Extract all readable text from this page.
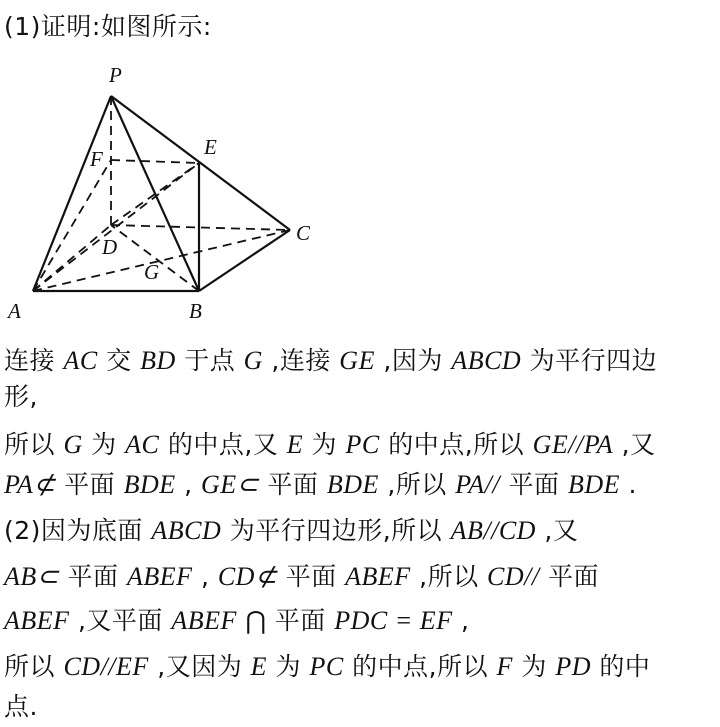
(1)证明:如图所示:
P
E
F
C
D
G
A	B
连接 AC 交 BD 于点 G ,连接 GE ,因为 ABCD 为平行四边
形,
所以 G 为 AC 的中点,又 E 为 PC 的中点,所以 GE//PA ,又
PA⊄ 平面 BDE , GE⊂ 平面 BDE ,所以 PA// 平面 BDE .
(2)因为底面 ABCD 为平行四边形,所以 AB//CD ,又
AB⊂ 平面 ABEF , CD⊄ 平面 ABEF ,所以 CD// 平面
ABEF ,又平面 ABEF ⋂ 平面 PDC = EF ,
所以 CD//EF ,又因为 E 为 PC 的中点,所以 F 为 PD 的中
点.
